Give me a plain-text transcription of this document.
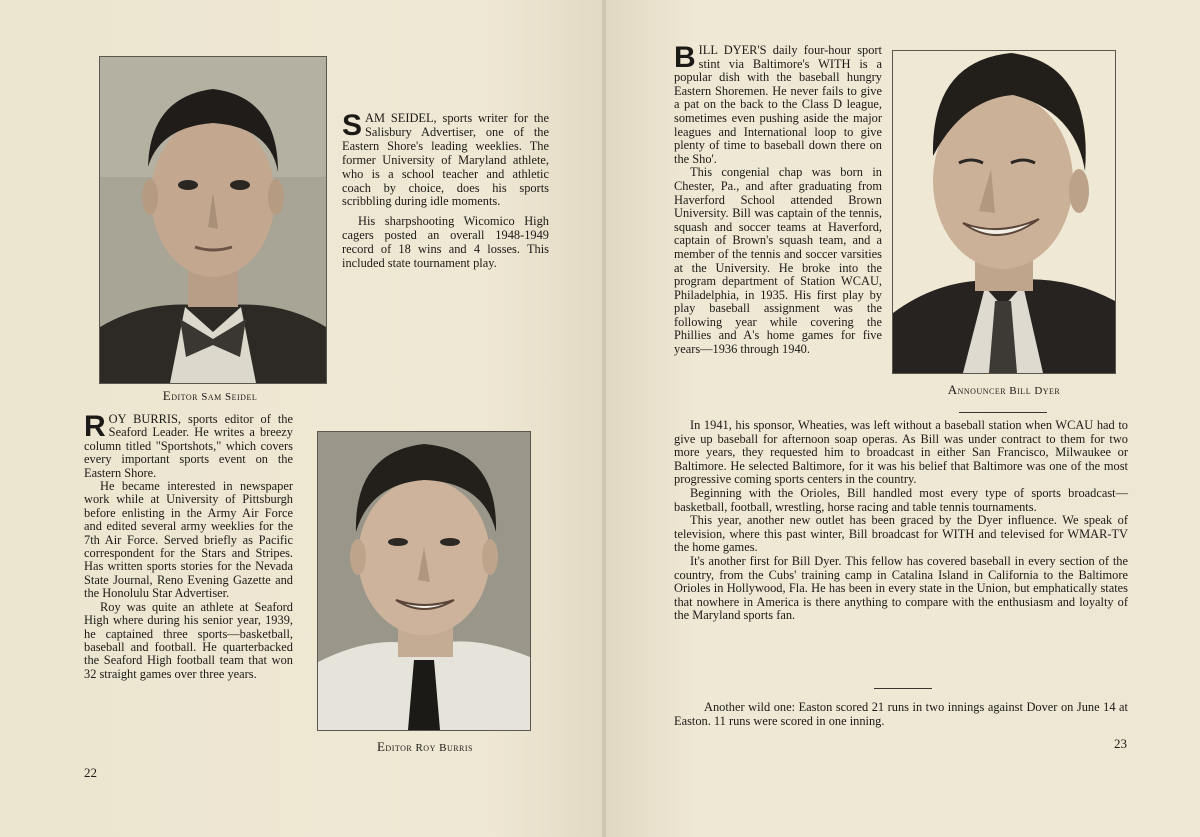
Editor Sam Seidel

SAM SEIDEL, sports writer for the Salisbury Advertiser, one of the Eastern Shore's leading weeklies. The former University of Maryland athlete, who is a school teacher and athletic coach by choice, does his sports scribbling during idle moments.

His sharpshooting Wicomico High cagers posted an overall 1948-1949 record of 18 wins and 4 losses. This included state tournament play.

ROY BURRIS, sports editor of the Seaford Leader. He writes a breezy column titled "Sportshots," which covers every important sports event on the Eastern Shore.

He became interested in newspaper work while at University of Pittsburgh before enlisting in the Army Air Force and edited several army weeklies for the 7th Air Force. Served briefly as Pacific correspondent for the Stars and Stripes. Has written sports stories for the Nevada State Journal, Reno Evening Gazette and the Honolulu Star Advertiser.

Roy was quite an athlete at Seaford High where during his senior year, 1939, he captained three sports—basketball, baseball and football. He quarterbacked the Seaford High football team that won 32 straight games over three years.

Editor Roy Burris
22

BILL DYER'S daily four-hour sport stint via Baltimore's WITH is a popular dish with the baseball hungry Eastern Shoremen. He never fails to give a pat on the back to the Class D league, sometimes even pushing aside the major leagues and International loop to give plenty of time to baseball down there on the Sho'.

This congenial chap was born in Chester, Pa., and after graduating from Haverford School attended Brown University. Bill was captain of the tennis, squash and soccer teams at Haverford, captain of Brown's squash team, and a member of the tennis and soccer varsities at the University. He broke into the program department of Station WCAU, Philadelphia, in 1935. His first play by play baseball assignment was the following year while covering the Phillies and A's home games for five years—1936 through 1940.

Announcer Bill Dyer

In 1941, his sponsor, Wheaties, was left without a baseball station when WCAU had to give up baseball for afternoon soap operas. As Bill was under contract to them for two more years, they requested him to broadcast in either San Francisco, Milwaukee or Baltimore. He selected Baltimore, for it was his belief that Baltimore was one of the most progressive coming sports centers in the country.

Beginning with the Orioles, Bill handled most every type of sports broadcast—basketball, football, wrestling, horse racing and table tennis tournaments.

This year, another new outlet has been graced by the Dyer influence. We speak of television, where this past winter, Bill broadcast for WITH and televised for WMAR-TV the home games.

It's another first for Bill Dyer. This fellow has covered baseball in every section of the country, from the Cubs' training camp in Catalina Island in California to the Baltimore Orioles in Hollywood, Fla. He has been in every state in the Union, but emphatically states that nowhere in America is there anything to compare with the enthusiasm and loyalty of the Maryland sports fan.

Another wild one: Easton scored 21 runs in two innings against Dover on June 14 at Easton. 11 runs were scored in one inning.
23
